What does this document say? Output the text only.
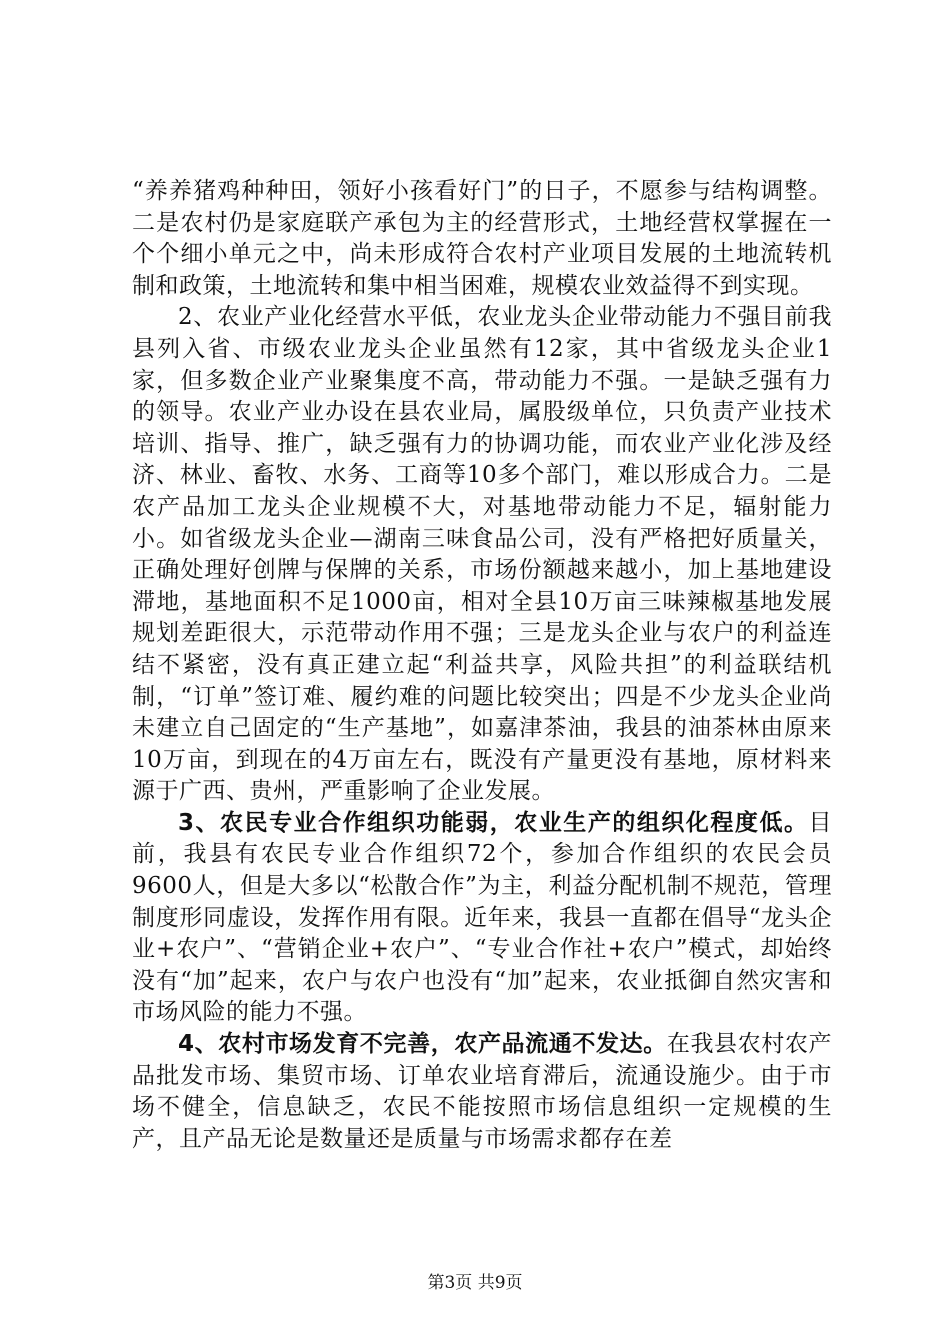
“养养猪鸡种种田，领好小孩看好门”的日子，不愿参与结构调整。二是农村仍是家庭联产承包为主的经营形式，土地经营权掌握在一个个细小单元之中，尚未形成符合农村产业项目发展的土地流转机制和政策，土地流转和集中相当困难，规模农业效益得不到实现。

2、农业产业化经营水平低，农业龙头企业带动能力不强目前我县列入省、市级农业龙头企业虽然有12家，其中省级龙头企业1家，但多数企业产业聚集度不高，带动能力不强。一是缺乏强有力的领导。农业产业办设在县农业局，属股级单位，只负责产业技术培训、指导、推广，缺乏强有力的协调功能，而农业产业化涉及经济、林业、畜牧、水务、工商等10多个部门，难以形成合力。二是农产品加工龙头企业规模不大，对基地带动能力不足，辐射能力小。如省级龙头企业—湖南三味食品公司，没有严格把好质量关，正确处理好创牌与保牌的关系，市场份额越来越小，加上基地建设滞地，基地面积不足1000亩，相对全县10万亩三味辣椒基地发展规划差距很大，示范带动作用不强；三是龙头企业与农户的利益连结不紧密，没有真正建立起“利益共享，风险共担”的利益联结机制，“订单”签订难、履约难的问题比较突出；四是不少龙头企业尚未建立自己固定的“生产基地”，如嘉津茶油，我县的油茶林由原来10万亩，到现在的4万亩左右，既没有产量更没有基地，原材料来源于广西、贵州，严重影响了企业发展。

3、农民专业合作组织功能弱，农业生产的组织化程度低。目前，我县有农民专业合作组织72个，参加合作组织的农民会员9600人，但是大多以“松散合作”为主，利益分配机制不规范，管理制度形同虚设，发挥作用有限。近年来，我县一直都在倡导“龙头企业+农户”、“营销企业+农户”、“专业合作社+农户”模式，却始终没有“加”起来，农户与农户也没有“加”起来，农业抵御自然灾害和市场风险的能力不强。

4、农村市场发育不完善，农产品流通不发达。在我县农村农产品批发市场、集贸市场、订单农业培育滞后，流通设施少。由于市场不健全，信息缺乏，农民不能按照市场信息组织一定规模的生产，且产品无论是数量还是质量与市场需求都存在差

第3页 共9页
